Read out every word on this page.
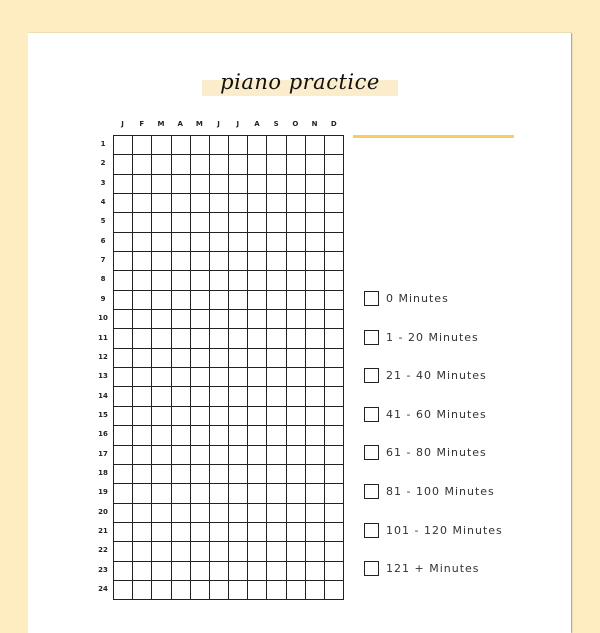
piano practice
J	F	M	A	M	J	J	A	S	O	N	D
1
2
3
4
5
6
7
8
9
10
11
12
13
14
15
16
17
18
19
20
21
22
23
24
0 Minutes
1 - 20 Minutes
21 - 40 Minutes
41 - 60 Minutes
61 - 80 Minutes
81 - 100 Minutes
101 - 120 Minutes
121 + Minutes
